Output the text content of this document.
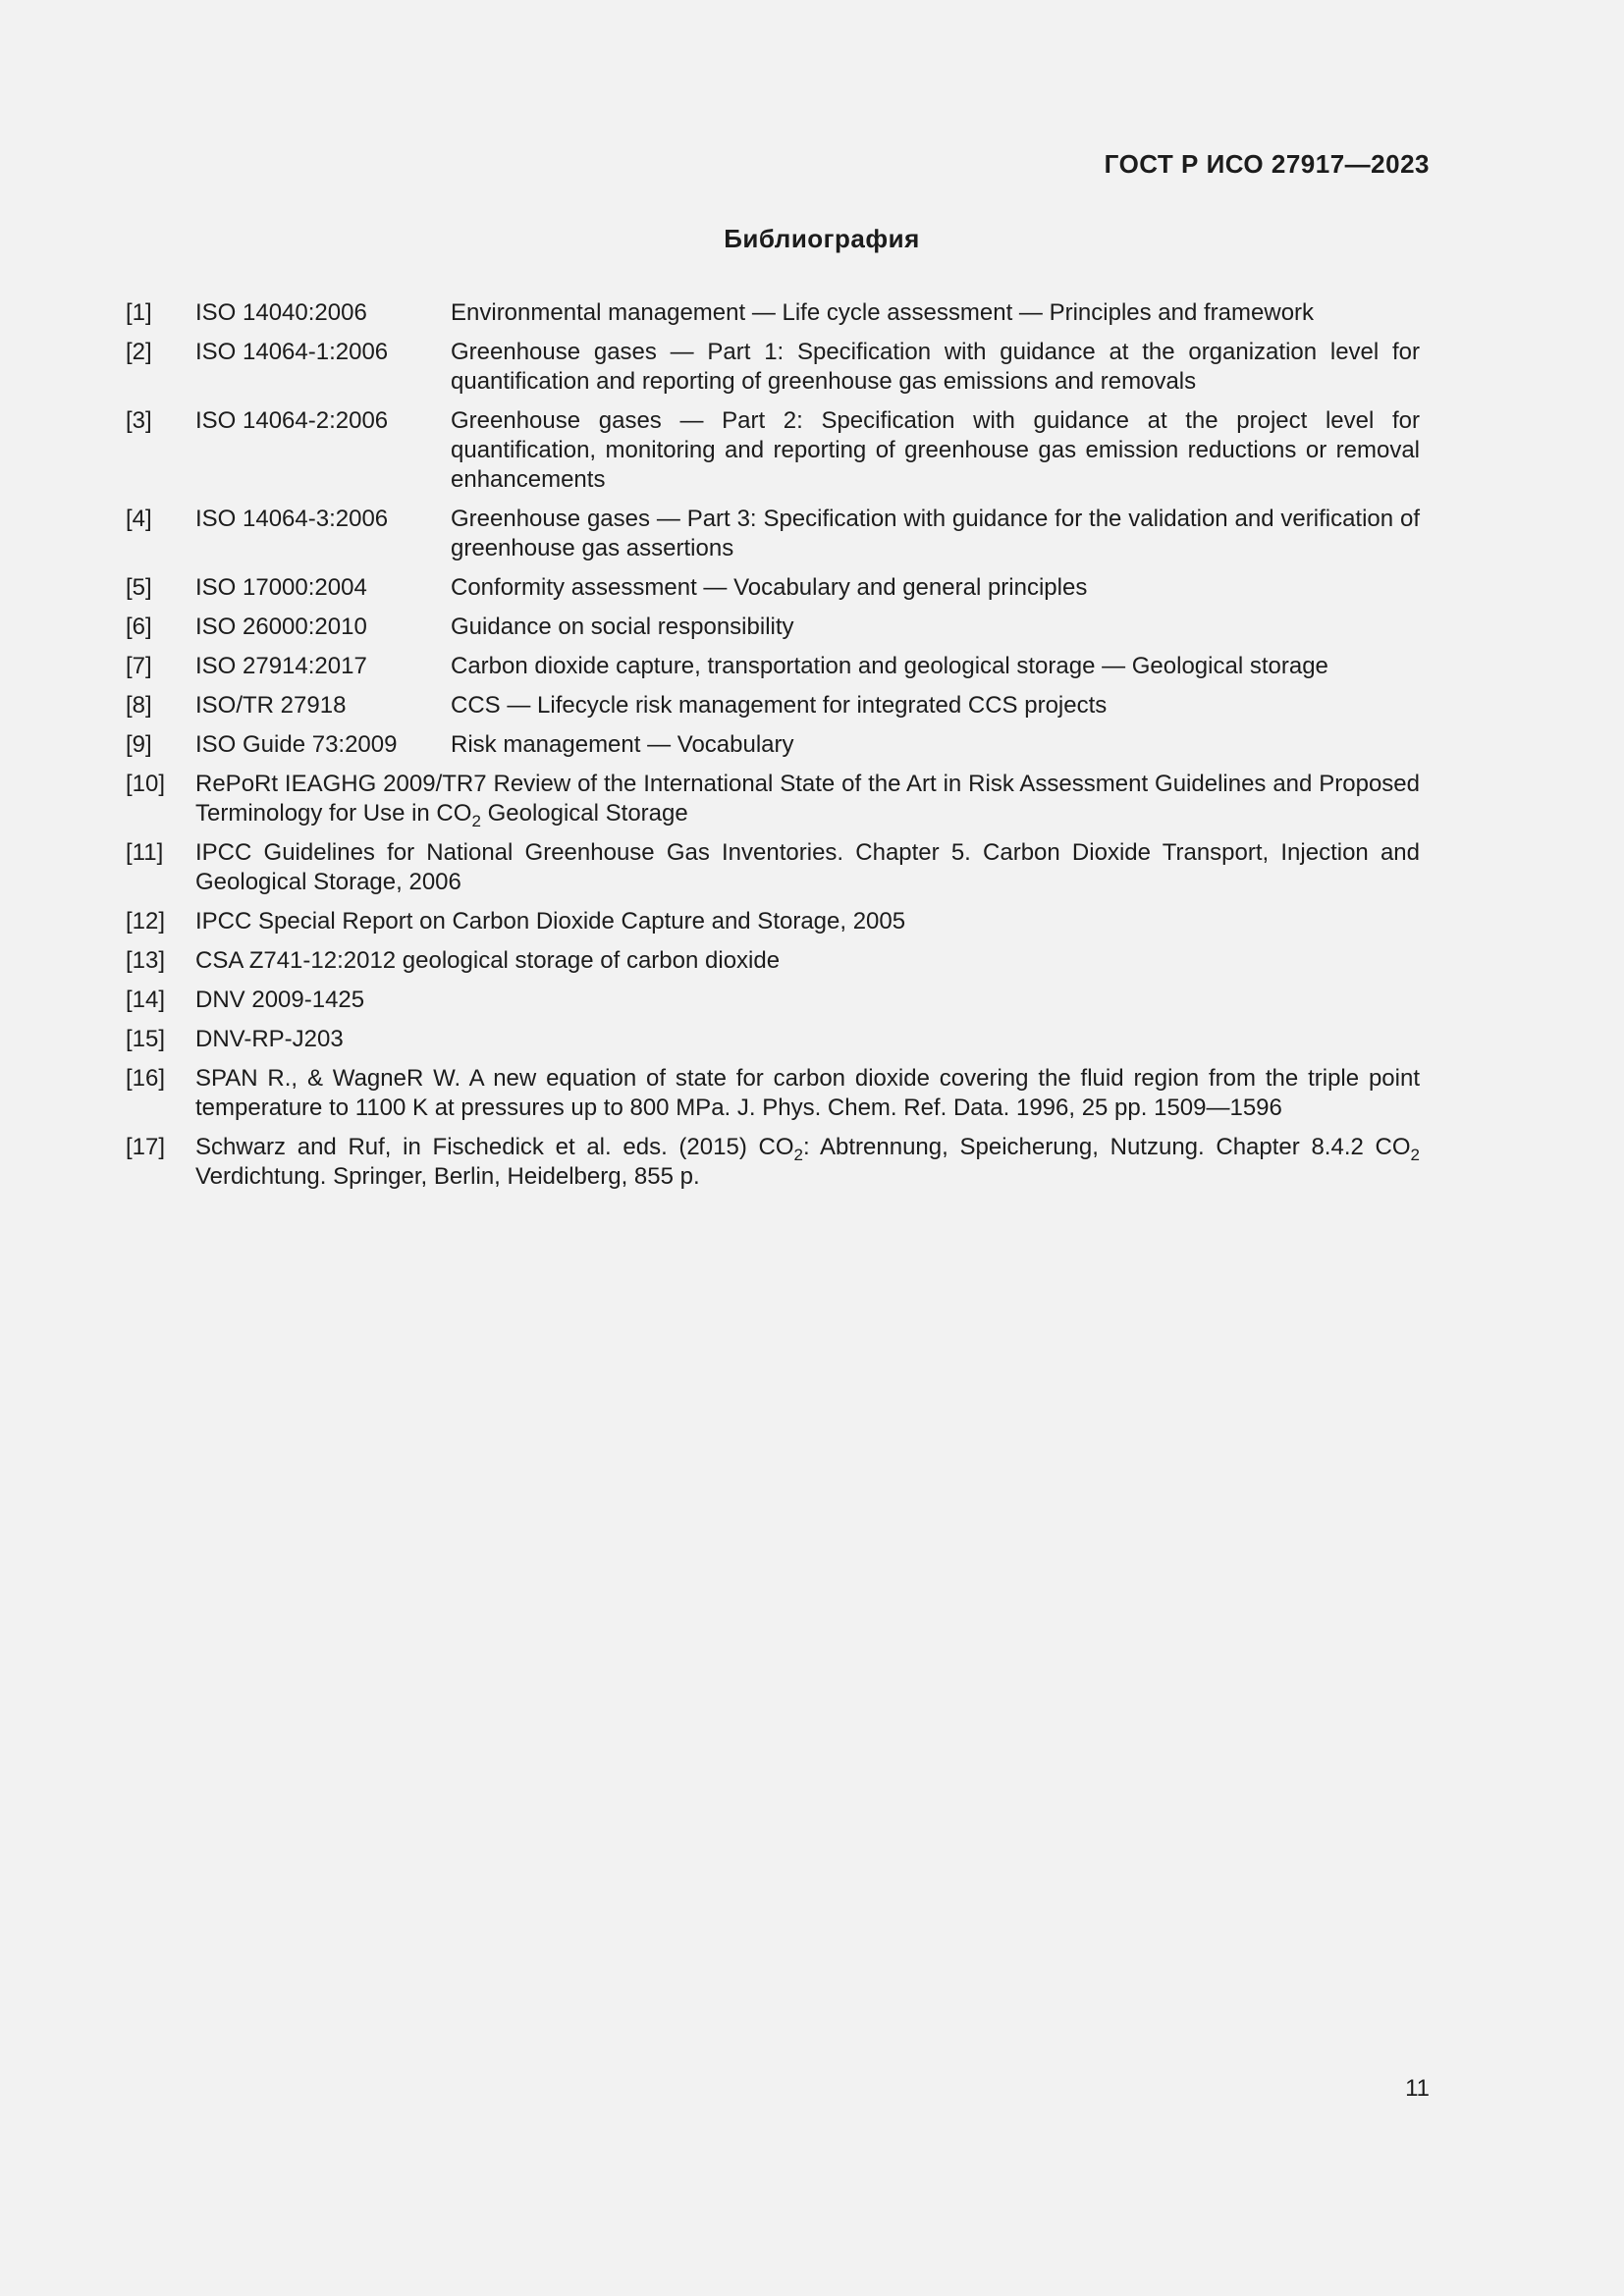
ГОСТ Р ИСО 27917—2023
Библиография
[1]	ISO 14040:2006	Environmental management — Life cycle assessment — Principles and framework
[2]	ISO 14064-1:2006	Greenhouse gases — Part 1: Specification with guidance at the organization level for quantification and reporting of greenhouse gas emissions and removals
[3]	ISO 14064-2:2006	Greenhouse gases — Part 2: Specification with guidance at the project level for quantification, monitoring and reporting of greenhouse gas emission reductions or removal enhancements
[4]	ISO 14064-3:2006	Greenhouse gases — Part 3: Specification with guidance for the validation and verification of greenhouse gas assertions
[5]	ISO 17000:2004	Conformity assessment — Vocabulary and general principles
[6]	ISO 26000:2010	Guidance on social responsibility
[7]	ISO 27914:2017	Carbon dioxide capture, transportation and geological storage — Geological storage
[8]	ISO/TR 27918	CCS — Lifecycle risk management for integrated CCS projects
[9]	ISO Guide 73:2009	Risk management — Vocabulary
[10]	RePoRt IEAGHG 2009/TR7 Review of the International State of the Art in Risk Assessment Guidelines and Proposed Terminology for Use in $CO_2$ Geological Storage
[11]	IPCC Guidelines for National Greenhouse Gas Inventories. Chapter 5. Carbon Dioxide Transport, Injection and Geological Storage, 2006
[12]	IPCC Special Report on Carbon Dioxide Capture and Storage, 2005
[13]	CSA Z741-12:2012 geological storage of carbon dioxide
[14]	DNV 2009-1425
[15]	DNV-RP-J203
[16]	SPAN R., & WagneR W. A new equation of state for carbon dioxide covering the fluid region from the triple point temperature to 1100 K at pressures up to 800 MPa. J. Phys. Chem. Ref. Data. 1996, 25 pp. 1509—1596
[17]	Schwarz and Ruf, in Fischedick et al. eds. (2015) $CO_2$: Abtrennung, Speicherung, Nutzung. Chapter 8.4.2 $CO_2$ Verdichtung. Springer, Berlin, Heidelberg, 855 p.
11
